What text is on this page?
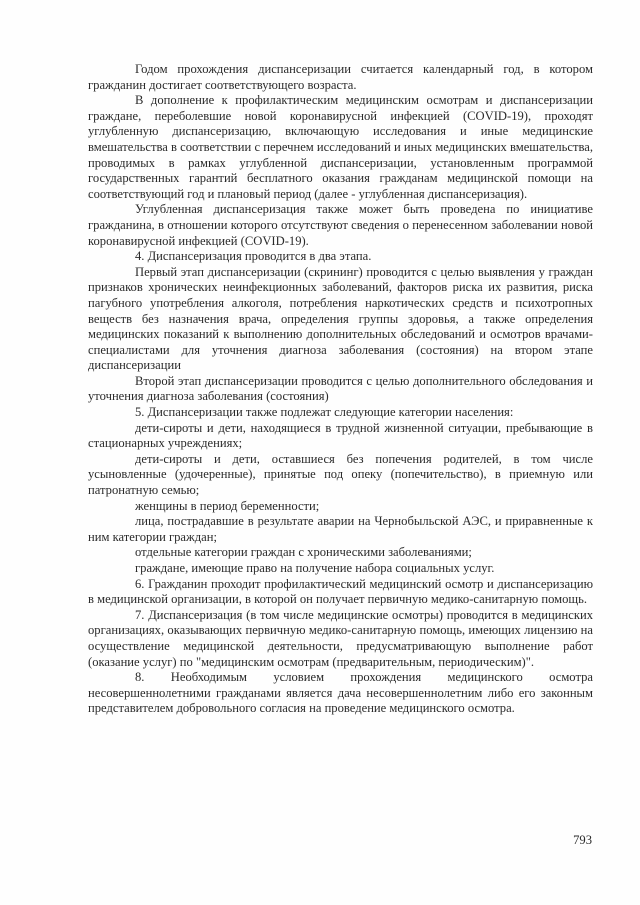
Годом прохождения диспансеризации считается календарный год, в котором гражданин достигает соответствующего возраста.

В дополнение к профилактическим медицинским осмотрам и диспансеризации граждане, переболевшие новой коронавирусной инфекцией (COVID-19), проходят углубленную диспансеризацию, включающую исследования и иные медицинские вмешательства в соответствии с перечнем исследований и иных медицинских вмешательства, проводимых в рамках углубленной диспансеризации, установленным программой государственных гарантий бесплатного оказания гражданам медицинской помощи на соответствующий год и плановый период (далее - углубленная диспансеризация).

Углубленная диспансеризация также может быть проведена по инициативе гражданина, в отношении которого отсутствуют сведения о перенесенном заболевании новой коронавирусной инфекцией (COVID-19).

4. Диспансеризация проводится в два этапа.

Первый этап диспансеризации (скрининг) проводится с целью выявления у граждан признаков хронических неинфекционных заболеваний, факторов риска их развития, риска пагубного употребления алкоголя, потребления наркотических средств и психотропных веществ без назначения врача, определения группы здоровья, а также определения медицинских показаний к выполнению дополнительных обследований и осмотров врачами-специалистами для уточнения диагноза заболевания (состояния) на втором этапе диспансеризации

Второй этап диспансеризации проводится с целью дополнительного обследования и уточнения диагноза заболевания (состояния)

5. Диспансеризации также подлежат следующие категории населения:

дети-сироты и дети, находящиеся в трудной жизненной ситуации, пребывающие в стационарных учреждениях;

дети-сироты и дети, оставшиеся без попечения родителей, в том числе усыновленные (удочеренные), принятые под опеку (попечительство), в приемную или патронатную семью;

женщины в период беременности;

лица, пострадавшие в результате аварии на Чернобыльской АЭС, и приравненные к ним категории граждан;

отдельные категории граждан с хроническими заболеваниями;

граждане, имеющие право на получение набора социальных услуг.

6. Гражданин проходит профилактический медицинский осмотр и диспансеризацию в медицинской организации, в которой он получает первичную медико-санитарную помощь.

7. Диспансеризация (в том числе медицинские осмотры) проводится в медицинских организациях, оказывающих первичную медико-санитарную помощь, имеющих лицензию на осуществление медицинской деятельности, предусматривающую выполнение работ (оказание услуг) по "медицинским осмотрам (предварительным, периодическим)".

8. Необходимым условием прохождения медицинского осмотра несовершеннолетними гражданами является дача несовершеннолетним либо его законным представителем добровольного согласия на проведение медицинского осмотра.

793
